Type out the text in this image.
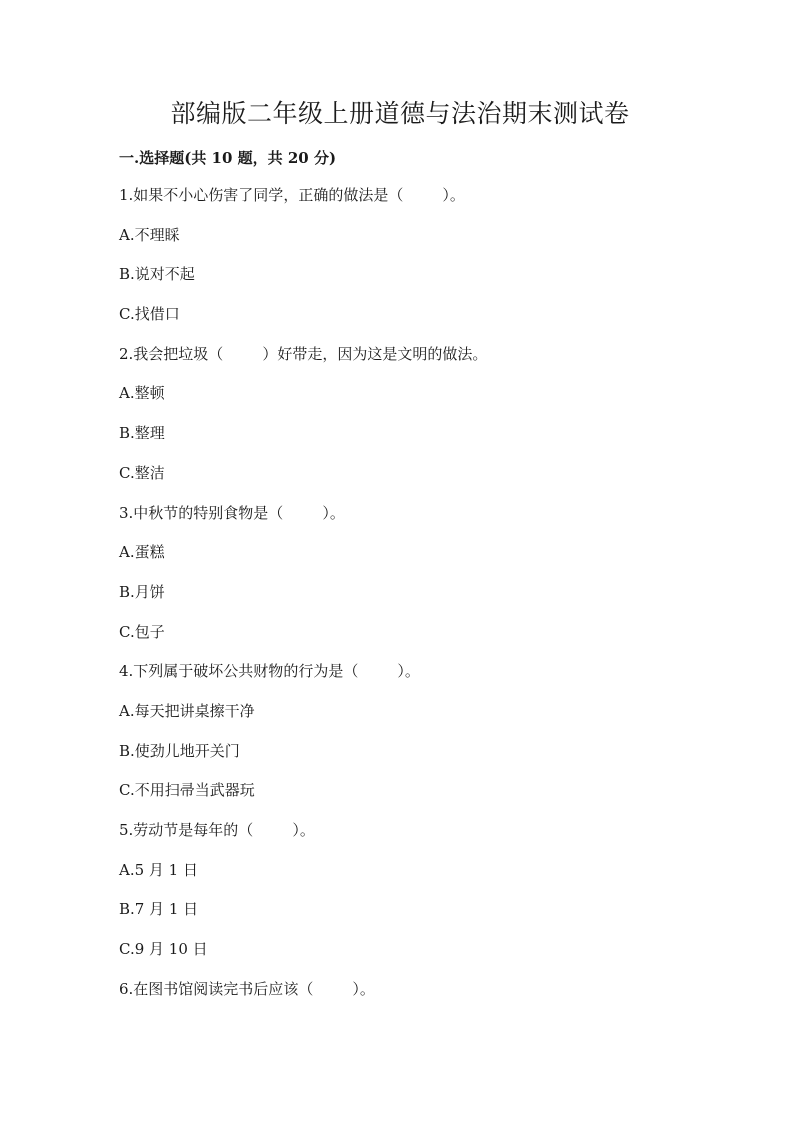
部编版二年级上册道德与法治期末测试卷
一.选择题(共 10 题，共 20 分)
1.如果不小心伤害了同学，正确的做法是（	）。
A.不理睬
B.说对不起
C.找借口
2.我会把垃圾（	）好带走，因为这是文明的做法。
A.整顿
B.整理
C.整洁
3.中秋节的特别食物是（	）。
A.蛋糕
B.月饼
C.包子
4.下列属于破坏公共财物的行为是（	）。
A.每天把讲桌擦干净
B.使劲儿地开关门
C.不用扫帚当武器玩
5.劳动节是每年的（	）。
A.5 月 1 日
B.7 月 1 日
C.9 月 10 日
6.在图书馆阅读完书后应该（	）。
